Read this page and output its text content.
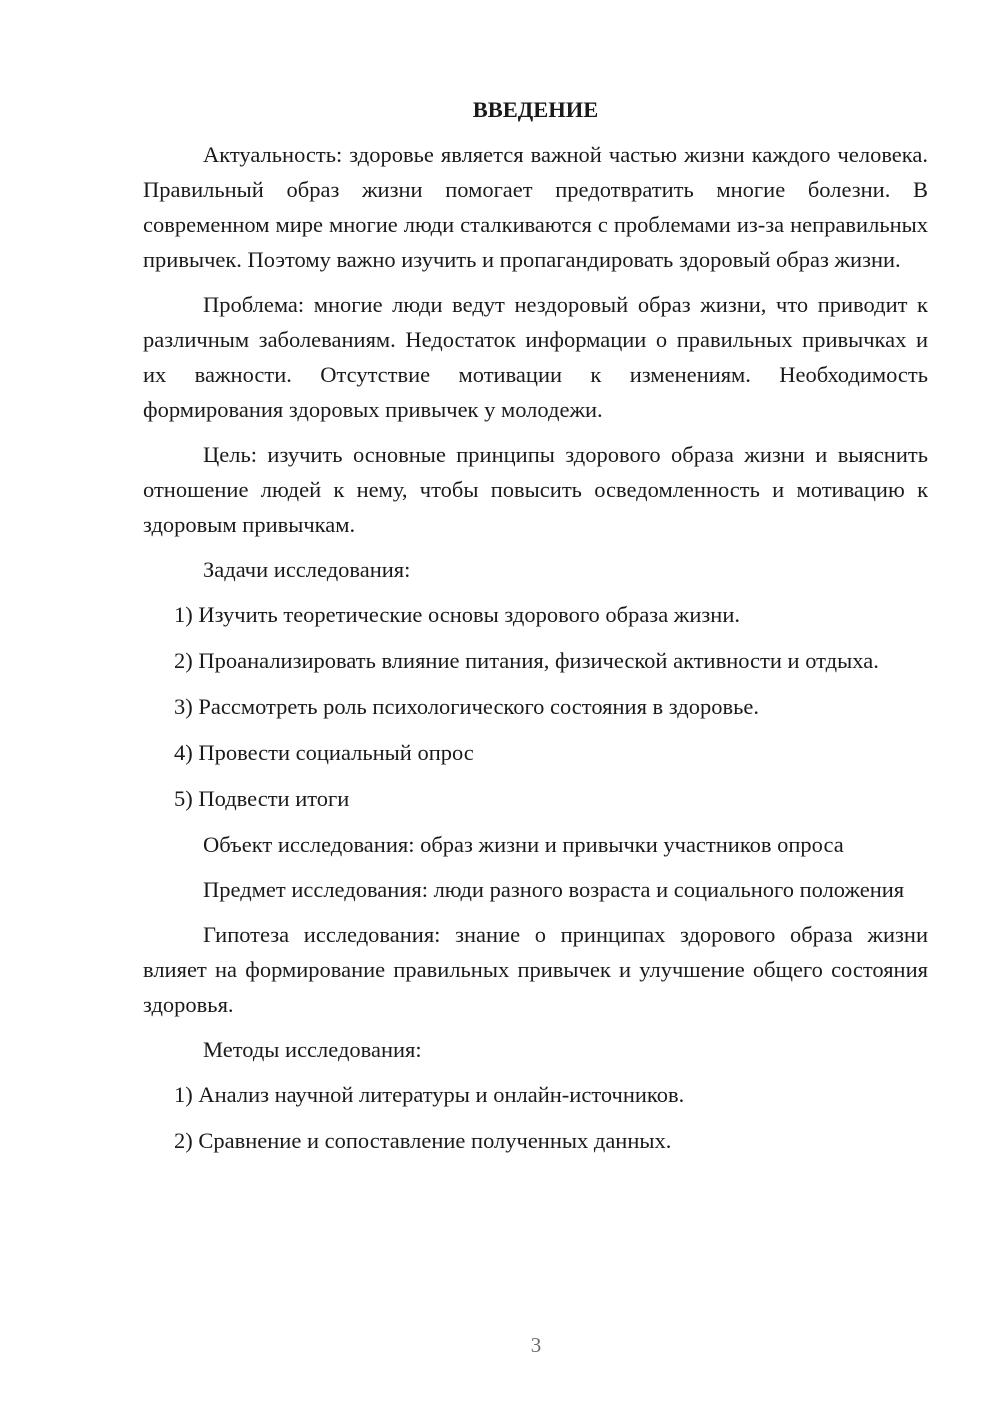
ВВЕДЕНИЕ

Актуальность: здоровье является важной частью жизни каждого человека. Правильный образ жизни помогает предотвратить многие болезни. В современном мире многие люди сталкиваются с проблемами из-за неправильных привычек. Поэтому важно изучить и пропагандировать здоровый образ жизни.

Проблема: многие люди ведут нездоровый образ жизни, что приводит к различным заболеваниям. Недостаток информации о правильных привычках и их важности. Отсутствие мотивации к изменениям. Необходимость формирования здоровых привычек у молодежи.

Цель: изучить основные принципы здорового образа жизни и выяснить отношение людей к нему, чтобы повысить осведомленность и мотивацию к здоровым привычкам.

Задачи исследования:

1) Изучить теоретические основы здорового образа жизни.

2) Проанализировать влияние питания, физической активности и отдыха.

3) Рассмотреть роль психологического состояния в здоровье.

4) Провести социальный опрос

5) Подвести итоги

Объект исследования: образ жизни и привычки участников опроса

Предмет исследования: люди разного возраста и социального положения

Гипотеза исследования: знание о принципах здорового образа жизни влияет на формирование правильных привычек и улучшение общего состояния здоровья.

Методы исследования:

1) Анализ научной литературы и онлайн-источников.

2) Сравнение и сопоставление полученных данных.

3
